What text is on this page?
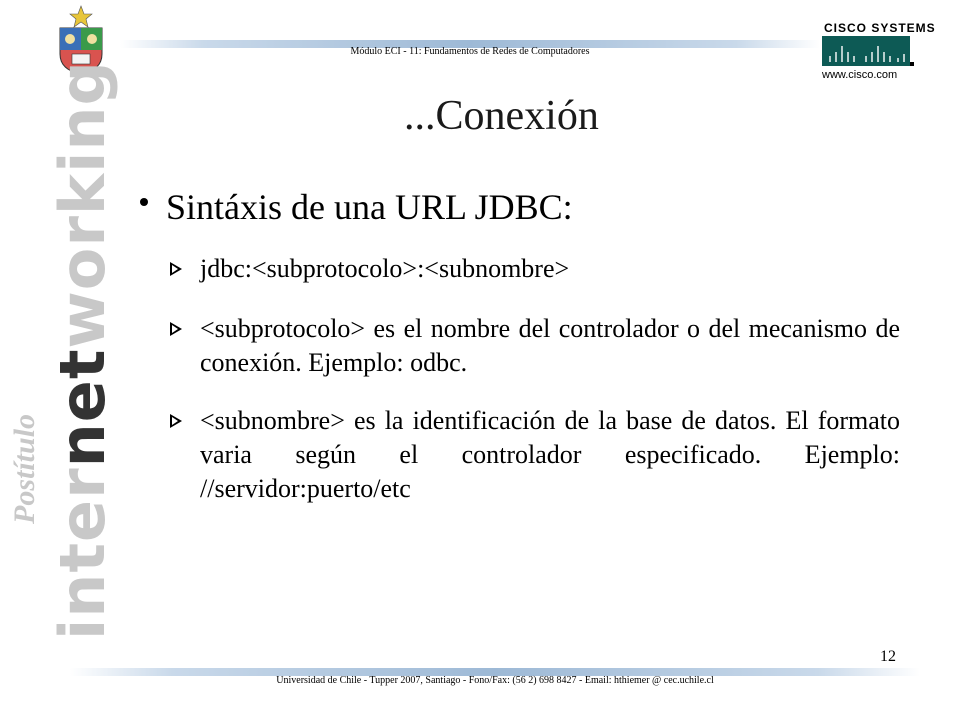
Módulo ECI - 11: Fundamentos de Redes de Computadores
CISCO SYSTEMS
www.cisco.com
internetworking
Postítulo
...Conexión
Sintáxis de una URL JDBC:
jdbc:<subprotocolo>:<subnombre>
<subprotocolo> es el nombre del controlador o del mecanismo de conexión. Ejemplo: odbc.
<subnombre> es la identificación de la base de datos. El formato varia según el controlador especificado. Ejemplo: //servidor:puerto/etc
12
Universidad de Chile - Tupper 2007, Santiago - Fono/Fax: (56 2) 698 8427 - Email: hthiemer @ cec.uchile.cl
